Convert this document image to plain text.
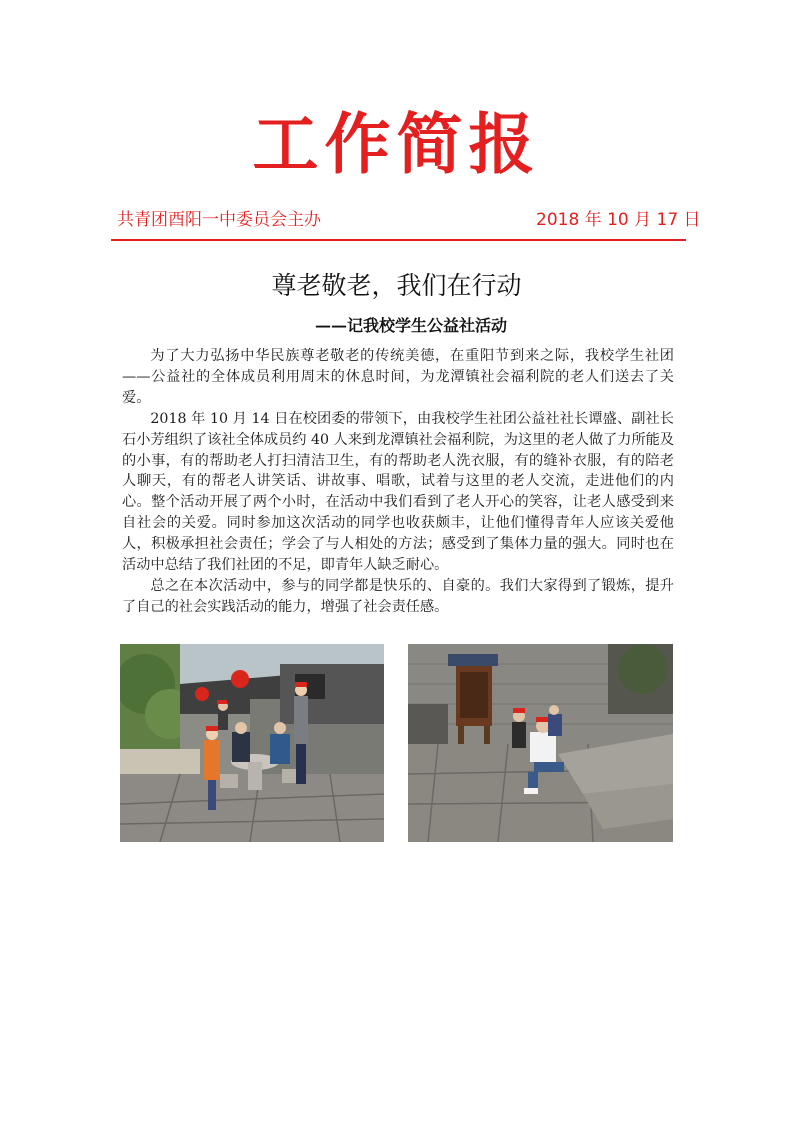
工作简报
共青团酉阳一中委员会主办	2018 年 10 月 17 日
尊老敬老，我们在行动
——记我校学生公益社活动

为了大力弘扬中华民族尊老敬老的传统美德，在重阳节到来之际，我校学生社团——公益社的全体成员利用周末的休息时间，为龙潭镇社会福利院的老人们送去了关爱。

2018 年 10 月 14 日在校团委的带领下，由我校学生社团公益社社长谭盛、副社长石小芳组织了该社全体成员约 40 人来到龙潭镇社会福利院，为这里的老人做了力所能及的小事，有的帮助老人打扫清洁卫生，有的帮助老人洗衣服，有的缝补衣服，有的陪老人聊天，有的帮老人讲笑话、讲故事、唱歌，试着与这里的老人交流，走进他们的内心。整个活动开展了两个小时，在活动中我们看到了老人开心的笑容，让老人感受到来自社会的关爱。同时参加这次活动的同学也收获颇丰，让他们懂得青年人应该关爱他人，积极承担社会责任；学会了与人相处的方法；感受到了集体力量的强大。同时也在活动中总结了我们社团的不足，即青年人缺乏耐心。

总之在本次活动中，参与的同学都是快乐的、自豪的。我们大家得到了锻炼，提升了自己的社会实践活动的能力，增强了社会责任感。
